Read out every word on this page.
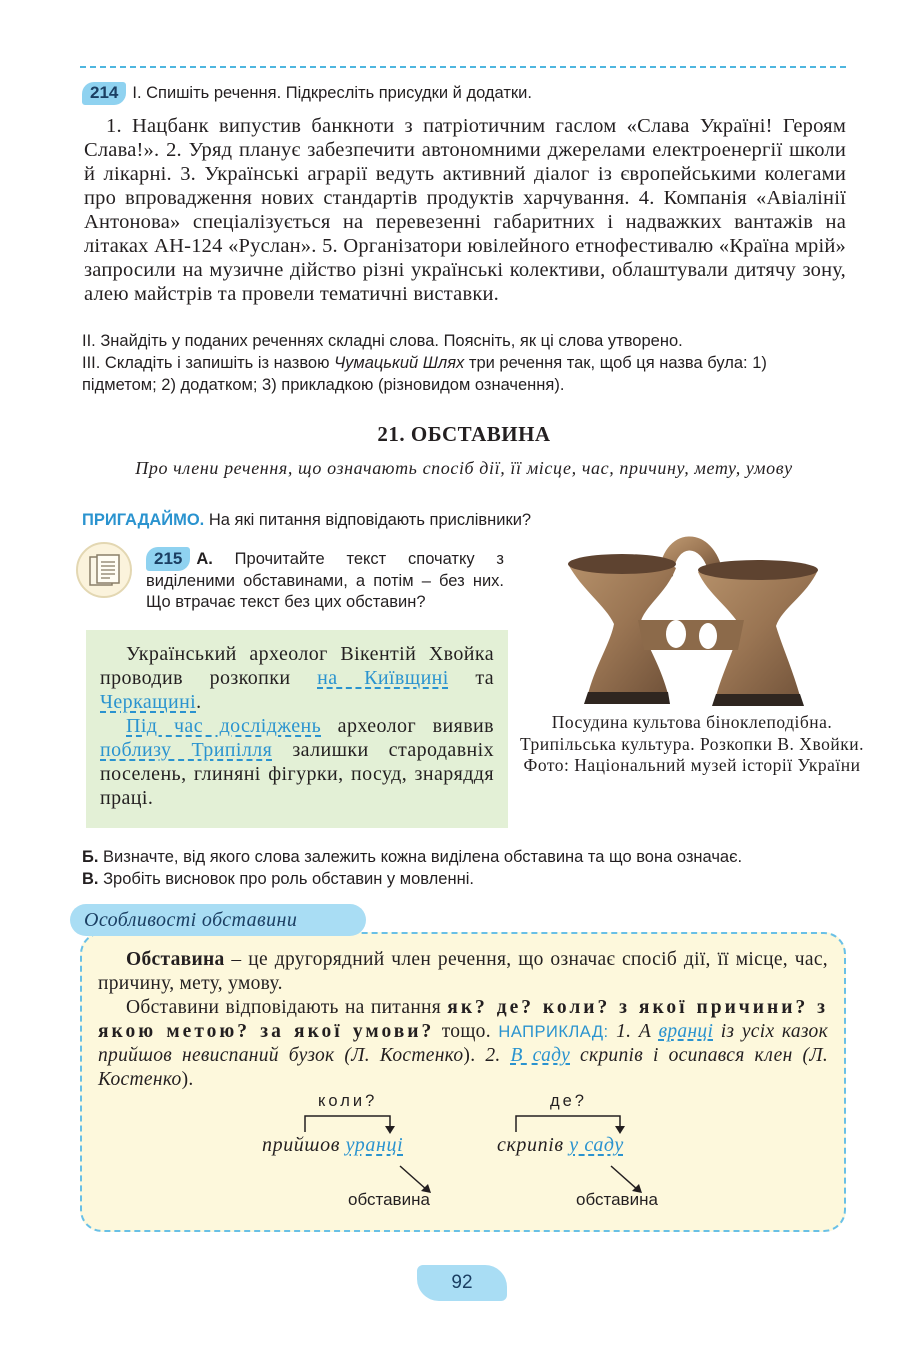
214 І. Спишіть речення. Підкресліть присудки й додатки.
1. Нацбанк випустив банкноти з патріотичним гаслом «Слава Україні! Героям Слава!». 2. Уряд планує забезпечити автономними джерелами електроенергії школи й лікарні. 3. Українські аграрії ведуть активний діалог із європейськими колегами про впровадження нових стандартів продуктів харчування. 4. Компанія «Авіалінії Антонова» спеціалізується на перевезенні габаритних і надважких вантажів на літаках АН-124 «Руслан». 5. Організатори ювілейного етнофестивалю «Країна мрій» запросили на музичне дійство різні українські колективи, облаштували дитячу зону, алею майстрів та провели тематичні виставки.

ІІ. Знайдіть у поданих реченнях складні слова. Поясніть, як ці слова утворено.

ІІІ. Складіть і запишіть із назвою Чумацький Шлях три речення так, щоб ця назва була: 1) підметом; 2) додатком; 3) прикладкою (різновидом означення).

21. ОБСТАВИНА
Про члени речення, що означають спосіб дії, її місце, час, причину, мету, умову
ПРИГАДАЙМО. На які питання відповідають прислівники?
215 А. Прочитайте текст спочатку з виділеними обставинами, а потім – без них. Що втрачає текст без цих обставин?

Український археолог Вікентій Хвойка проводив розкопки на Київщині та Черкащині.

Під час досліджень археолог виявив поблизу Трипілля залишки стародавніх поселень, глиняні фігурки, посуд, знаряддя праці.

Посудина культова біноклеподібна. Трипільська культура. Розкопки В. Хвойки. Фото: Національний музей історії України

Б. Визначте, від якого слова залежить кожна виділена обставина та що вона означає.

В. Зробіть висновок про роль обставин у мовленні.

Обставина – це другорядний член речення, що означає спосіб дії, її місце, час, причину, мету, умову.

Обставини відповідають на питання як? де? коли? з якої причини? з якою метою? за якої умови? тощо. НАПРИКЛАД: 1. А вранці із усіх казок прийшов невиспаний бузок (Л. Костенко). 2. В саду скрипів і осипався клен (Л. Костенко).

Особливості обставини
коли?	де?
прийшов уранці	скрипів у саду
обставина	обставина
92
